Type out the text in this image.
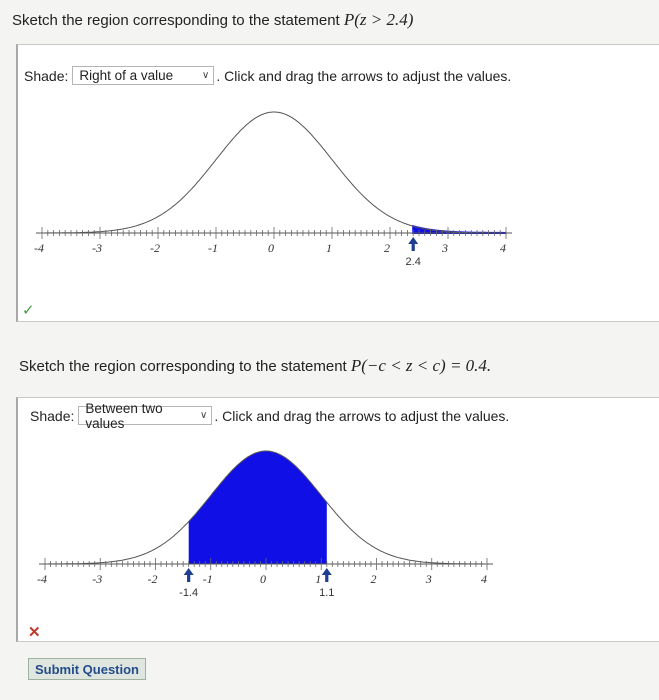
Sketch the region corresponding to the statement P(z > 2.4)
Shade: Right of a value	∨ . Click and drag the arrows to adjust the values.
-4	-3	-2	-1	0	1	2	3	4
2.4
✓
Sketch the region corresponding to the statement P(−c < z < c) = 0.4.
Shade: Between two values	∨ . Click and drag the arrows to adjust the values.
-4	-3	-2	-1	0	1	2	3	4
-1.4	1.1
✕
Submit Question
